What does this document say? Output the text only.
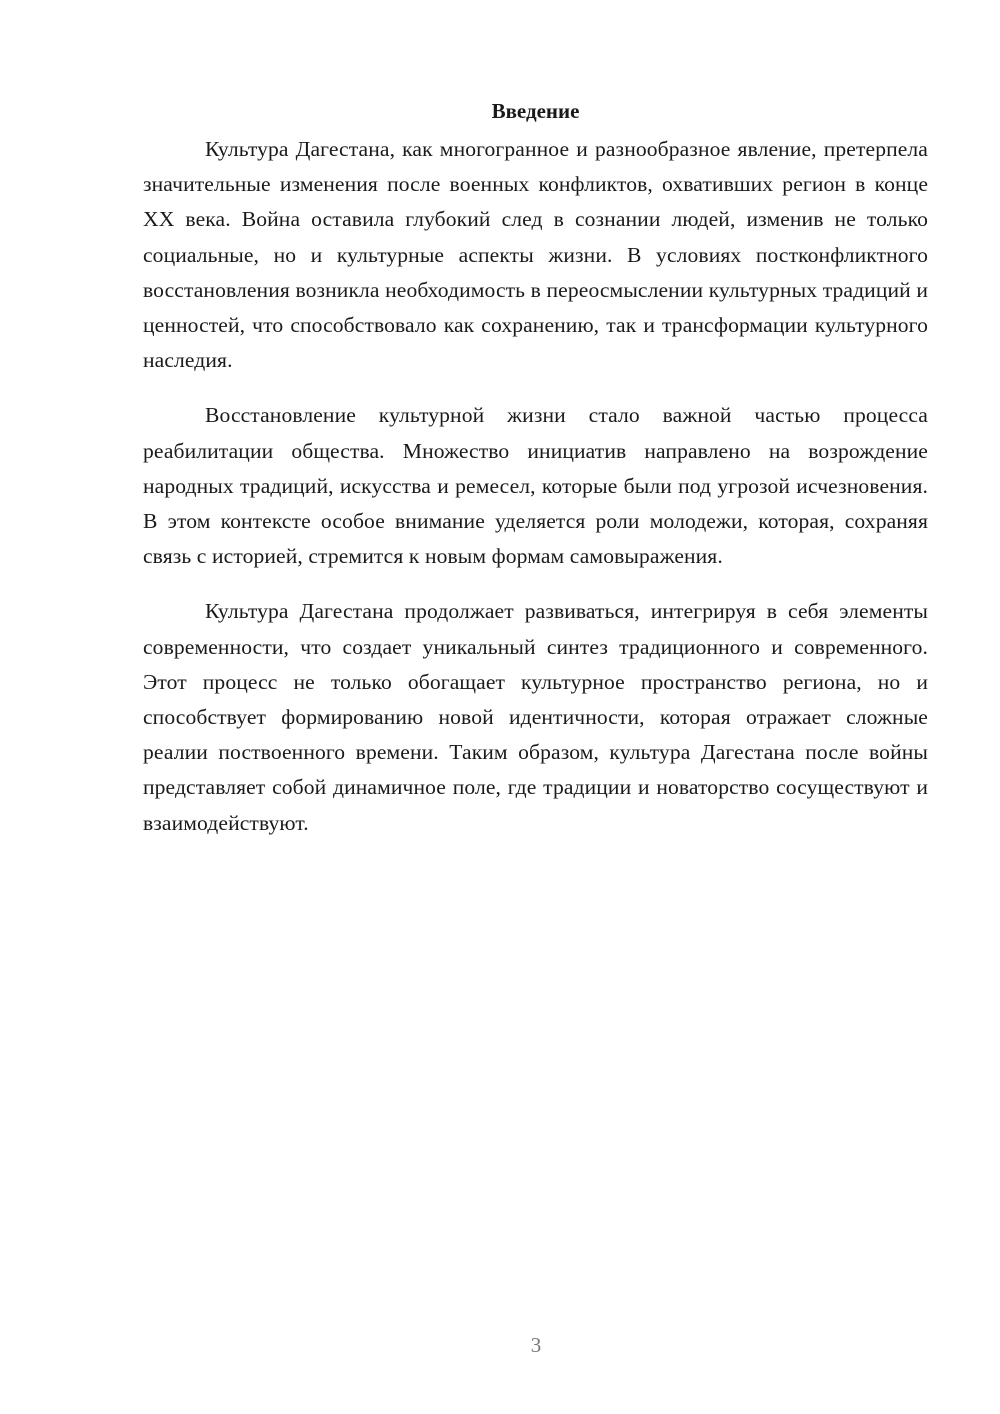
Введение

Культура Дагестана, как многогранное и разнообразное явление, претерпела значительные изменения после военных конфликтов, охвативших регион в конце XX века. Война оставила глубокий след в сознании людей, изменив не только социальные, но и культурные аспекты жизни. В условиях постконфликтного восстановления возникла необходимость в переосмыслении культурных традиций и ценностей, что способствовало как сохранению, так и трансформации культурного наследия.

Восстановление культурной жизни стало важной частью процесса реабилитации общества. Множество инициатив направлено на возрождение народных традиций, искусства и ремесел, которые были под угрозой исчезновения. В этом контексте особое внимание уделяется роли молодежи, которая, сохраняя связь с историей, стремится к новым формам самовыражения.

Культура Дагестана продолжает развиваться, интегрируя в себя элементы современности, что создает уникальный синтез традиционного и современного. Этот процесс не только обогащает культурное пространство региона, но и способствует формированию новой идентичности, которая отражает сложные реалии поствоенного времени. Таким образом, культура Дагестана после войны представляет собой динамичное поле, где традиции и новаторство сосуществуют и взаимодействуют.

3
